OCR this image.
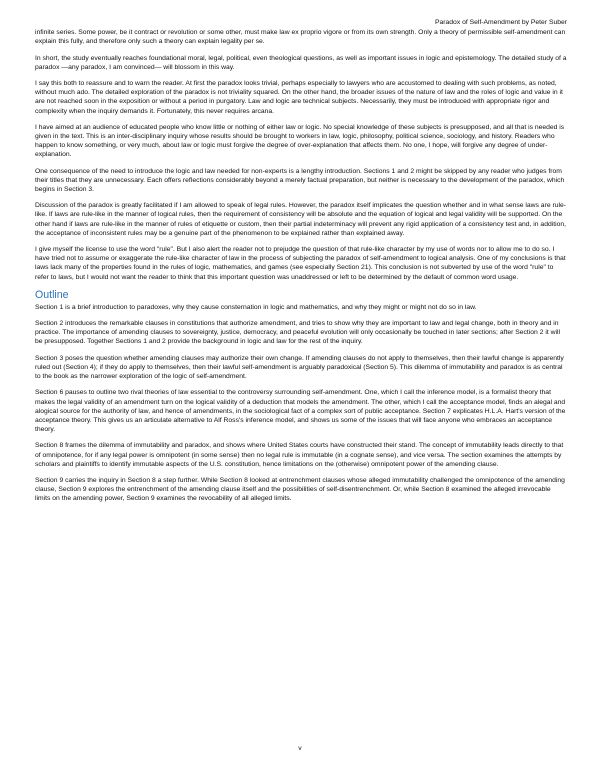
Paradox of Self-Amendment by Peter Suber

infinite series. Some power, be it contract or revolution or some other, must make law ex proprio vigore or from its own strength. Only a theory of permissible self-amendment can explain this fully, and therefore only such a theory can explain legality per se.

In short, the study eventually reaches foundational moral, legal, political, even theological questions, as well as important issues in logic and epistemology. The detailed study of a paradox —any paradox, I am convinced— will blossom in this way.

I say this both to reassure and to warn the reader. At first the paradox looks trivial, perhaps especially to lawyers who are accustomed to dealing with such problems, as noted, without much ado. The detailed exploration of the paradox is not triviality squared. On the other hand, the broader issues of the nature of law and the roles of logic and value in it are not reached soon in the exposition or without a period in purgatory. Law and logic are technical subjects. Necessarily, they must be introduced with appropriate rigor and complexity when the inquiry demands it. Fortunately, this never requires arcana.

I have aimed at an audience of educated people who know little or nothing of either law or logic. No special knowledge of these subjects is presupposed, and all that is needed is given in the text. This is an inter-disciplinary inquiry whose results should be brought to workers in law, logic, philosophy, political science, sociology, and history. Readers who happen to know something, or very much, about law or logic must forgive the degree of over-explanation that affects them. No one, I hope, will forgive any degree of under-explanation.

One consequence of the need to introduce the logic and law needed for non-experts is a lengthy introduction. Sections 1 and 2 might be skipped by any reader who judges from their titles that they are unnecessary. Each offers reflections considerably beyond a merely factual preparation, but neither is necessary to the development of the paradox, which begins in Section 3.

Discussion of the paradox is greatly facilitated if I am allowed to speak of legal rules. However, the paradox itself implicates the question whether and in what sense laws are rule-like. If laws are rule-like in the manner of logical rules, then the requirement of consistency will be absolute and the equation of logical and legal validity will be supported. On the other hand if laws are rule-like in the manner of rules of etiquette or custom, then their partial indeterminacy will prevent any rigid application of a consistency test and, in addition, the acceptance of inconsistent rules may be a genuine part of the phenomenon to be explained rather than explained away.

I give myself the license to use the word "rule". But I also alert the reader not to prejudge the question of that rule-like character by my use of words nor to allow me to do so. I have tried not to assume or exaggerate the rule-like character of law in the process of subjecting the paradox of self-amendment to logical analysis. One of my conclusions is that laws lack many of the properties found in the rules of logic, mathematics, and games (see especially Section 21). This conclusion is not subverted by use of the word "rule" to refer to laws, but I would not want the reader to think that this important question was unaddressed or left to be determined by the default of common word usage.

Outline

Section 1 is a brief introduction to paradoxes, why they cause consternation in logic and mathematics, and why they might or might not do so in law.

Section 2 introduces the remarkable clauses in constitutions that authorize amendment, and tries to show why they are important to law and legal change, both in theory and in practice. The importance of amending clauses to sovereignty, justice, democracy, and peaceful evolution will only occasionally be touched in later sections; after Section 2 it will be presupposed. Together Sections 1 and 2 provide the background in logic and law for the rest of the inquiry.

Section 3 poses the question whether amending clauses may authorize their own change. If amending clauses do not apply to themselves, then their lawful change is apparently ruled out (Section 4); if they do apply to themselves, then their lawful self-amendment is arguably paradoxical (Section 5). This dilemma of immutability and paradox is as central to the book as the narrower exploration of the logic of self-amendment.

Section 6 pauses to outline two rival theories of law essential to the controversy surrounding self-amendment. One, which I call the inference model, is a formalist theory that makes the legal validity of an amendment turn on the logical validity of a deduction that models the amendment. The other, which I call the acceptance model, finds an alegal and alogical source for the authority of law, and hence of amendments, in the sociological fact of a complex sort of public acceptance. Section 7 explicates H.L.A. Hart's version of the acceptance theory. This gives us an articulate alternative to Alf Ross's inference model, and shows us some of the issues that will face anyone who embraces an acceptance theory.

Section 8 frames the dilemma of immutability and paradox, and shows where United States courts have constructed their stand. The concept of immutability leads directly to that of omnipotence, for if any legal power is omnipotent (in some sense) then no legal rule is immutable (in a cognate sense), and vice versa. The section examines the attempts by scholars and plaintiffs to identify immutable aspects of the U.S. constitution, hence limitations on the (otherwise) omnipotent power of the amending clause.

Section 9 carries the inquiry in Section 8 a step further. While Section 8 looked at entrenchment clauses whose alleged immutability challenged the omnipotence of the amending clause, Section 9 explores the entrenchment of the amending clause itself and the possibilities of self-disentrenchment. Or, while Section 8 examined the alleged irrevocable limits on the amending power, Section 9 examines the revocability of all alleged limits.

v
